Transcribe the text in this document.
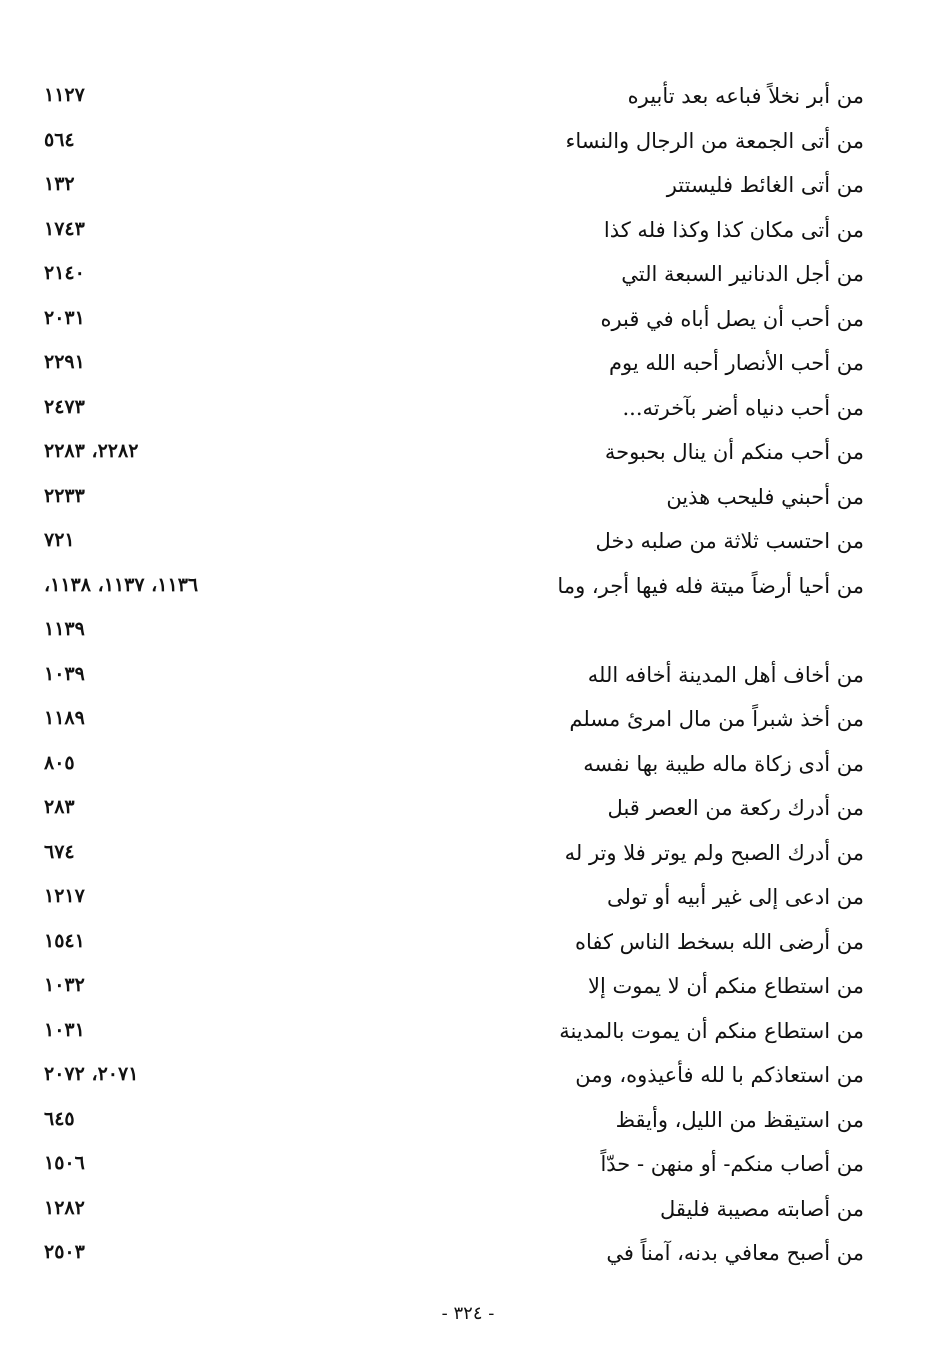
من أبر نخلاً فباعه بعد تأبيره
١١٢٧
من أتى الجمعة من الرجال والنساء
٥٦٤
من أتى الغائط فليستتر
١٣٢
من أتى مكان كذا وكذا فله كذا
١٧٤٣
من أجل الدنانير السبعة التي
٢١٤٠
من أحب أن يصل أباه في قبره
٢٠٣١
من أحب الأنصار أحبه الله يوم
٢٢٩١
من أحب دنياه أضر بآخرته...
٢٤٧٣
من أحب منكم أن ينال بحبوحة
٢٢٨٢، ٢٢٨٣
من أحبني فليحب هذين
٢٢٣٣
من احتسب ثلاثة من صلبه دخل
٧٢١
من أحيا أرضاً ميتة فله فيها أجر، وما
١١٣٦، ١١٣٧، ١١٣٨،
١١٣٩
من أخاف أهل المدينة أخافه الله
١٠٣٩
من أخذ شبراً من مال امرئ مسلم
١١٨٩
من أدى زكاة ماله طيبة بها نفسه
٨٠٥
من أدرك ركعة من العصر قبل
٢٨٣
من أدرك الصبح ولم يوتر فلا وتر له
٦٧٤
من ادعى إلى غير أبيه أو تولى
١٢١٧
من أرضى الله بسخط الناس كفاه
١٥٤١
من استطاع منكم أن لا يموت إلا
١٠٣٢
من استطاع منكم أن يموت بالمدينة
١٠٣١
من استعاذكم با لله فأعيذوه، ومن
٢٠٧١، ٢٠٧٢
من استيقظ من الليل، وأيقظ
٦٤٥
من أصاب منكم- أو منهن - حدّاً
١٥٠٦
من أصابته مصيبة فليقل
١٢٨٢
من أصبح معافي بدنه، آمناً في
٢٥٠٣
- ٣٢٤ -
